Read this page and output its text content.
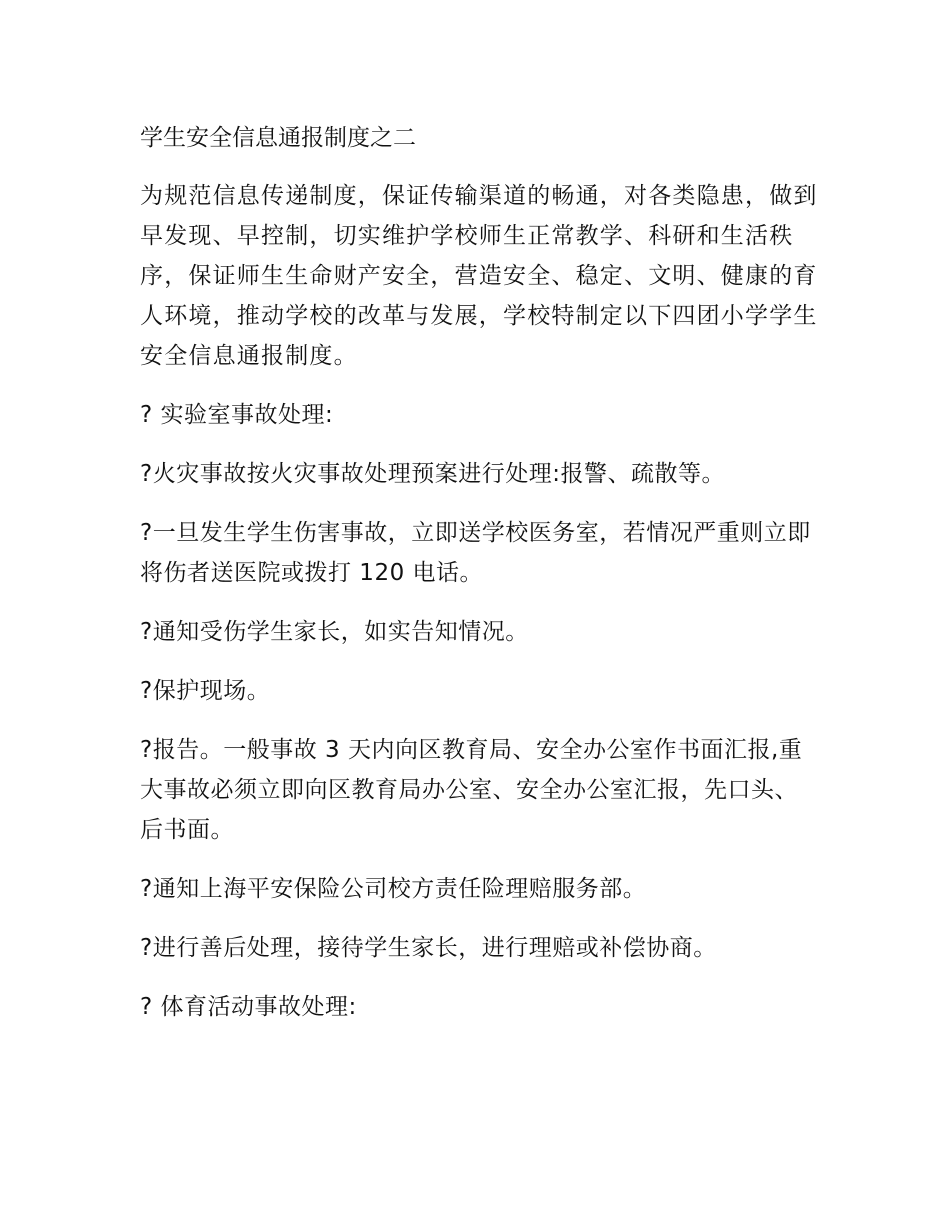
学生安全信息通报制度之二

为规范信息传递制度，保证传输渠道的畅通，对各类隐患，做到早发现、早控制，切实维护学校师生正常教学、科研和生活秩序，保证师生生命财产安全，营造安全、稳定、文明、健康的育人环境，推动学校的改革与发展，学校特制定以下四团小学学生安全信息通报制度。

? 实验室事故处理:

?火灾事故按火灾事故处理预案进行处理:报警、疏散等。

?一旦发生学生伤害事故，立即送学校医务室，若情况严重则立即将伤者送医院或拨打 120 电话。

?通知受伤学生家长，如实告知情况。

?保护现场。

?报告。一般事故 3 天内向区教育局、安全办公室作书面汇报,重大事故必须立即向区教育局办公室、安全办公室汇报，先口头、后书面。

?通知上海平安保险公司校方责任险理赔服务部。

?进行善后处理，接待学生家长，进行理赔或补偿协商。

? 体育活动事故处理:
